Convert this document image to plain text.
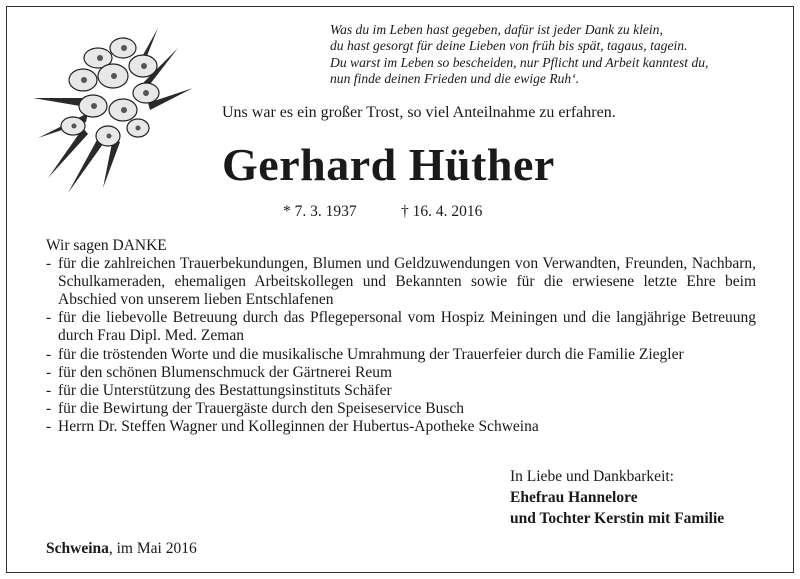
Was du im Leben hast gegeben, dafür ist jeder Dank zu klein,
du hast gesorgt für deine Lieben von früh bis spät, tagaus, tagein.
Du warst im Leben so bescheiden, nur Pflicht und Arbeit kanntest du,
nun finde deinen Frieden und die ewige Ruh‘.
Uns war es ein großer Trost, so viel Anteilnahme zu erfahren.
Gerhard Hüther
* 7. 3. 1937	† 16. 4. 2016
Wir sagen DANKE
- für die zahlreichen Trauerbekundungen, Blumen und Geldzuwendungen von Verwandten, Freunden, Nachbarn, Schulkameraden, ehemaligen Arbeitskollegen und Bekannten sowie für die erwiesene letzte Ehre beim Abschied von unserem lieben Entschlafenen
- für die liebevolle Betreuung durch das Pflegepersonal vom Hospiz Meiningen und die langjährige Betreuung durch Frau Dipl. Med. Zeman
- für die tröstenden Worte und die musikalische Umrahmung der Trauerfeier durch die Familie Ziegler
- für den schönen Blumenschmuck der Gärtnerei Reum
- für die Unterstützung des Bestattungsinstituts Schäfer
- für die Bewirtung der Trauergäste durch den Speiseservice Busch
- Herrn Dr. Steffen Wagner und Kolleginnen der Hubertus-Apotheke Schweina
In Liebe und Dankbarkeit:
Ehefrau Hannelore
und Tochter Kerstin mit Familie
Schweina, im Mai 2016
